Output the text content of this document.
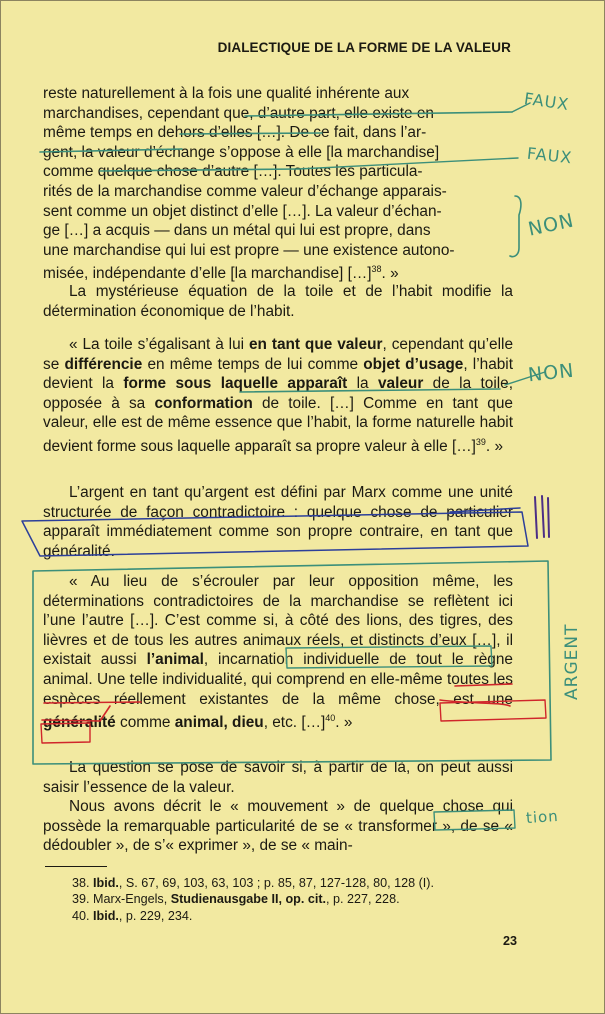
DIALECTIQUE DE LA FORME DE LA VALEUR
reste naturellement à la fois une qualité inhérente aux
marchandises, cependant que, d’autre part, elle existe en
même temps en dehors d’elles […]. De ce fait, dans l’ar-
gent, la valeur d’échange s’oppose à elle [la marchandise]
comme quelque chose d’autre […]. Toutes les particula-
rités de la marchandise comme valeur d’échange apparais-
sent comme un objet distinct d’elle […]. La valeur d’échan-
ge […] a acquis — dans un métal qui lui est propre, dans
une marchandise qui lui est propre — une existence autono-
misée, indépendante d’elle [la marchandise] […]$^{38}$. »

La mystérieuse équation de la toile et de l’habit modifie la détermination économique de l’habit.

« La toile s’égalisant à lui en tant que valeur, cependant qu’elle se différencie en même temps de lui comme objet d’usage, l’habit devient la forme sous laquelle apparaît la valeur de la toile, opposée à sa conformation de toile. […] Comme en tant que valeur, elle est de même essence que l’habit, la forme naturelle habit devient forme sous laquelle apparaît sa propre valeur à elle […]$^{39}$. »

L’argent en tant qu’argent est défini par Marx comme une unité structurée de façon contradictoire : quelque chose de particulier apparaît immédiatement comme son propre contraire, en tant que généralité.

« Au lieu de s’écrouler par leur opposition même, les déterminations contradictoires de la marchandise se reflètent ici l’une l’autre […]. C’est comme si, à côté des lions, des tigres, des lièvres et de tous les autres animaux réels, et distincts d’eux […], il existait aussi l’animal, incarnation individuelle de tout le règne animal. Une telle individualité, qui comprend en elle-même toutes les espèces réellement existantes de la même chose, est une généralité comme animal, dieu, etc. […]$^{40}$. »

La question se pose de savoir si, à partir de là, on peut aussi saisir l’essence de la valeur.

Nous avons décrit le « mouvement » de quelque chose qui possède la remarquable particularité de se « transformer », de se « dédoubler », de s’« exprimer », de se « main-

38. Ibid., S. 67, 69, 103, 63, 103 ; p. 85, 87, 127-128, 80, 128 (I).
39. Marx-Engels, Studienausgabe II, op. cit., p. 227, 228.
40. Ibid., p. 229, 234.
23
FAUX
FAUX
NON
NON
ARGENT
tion
